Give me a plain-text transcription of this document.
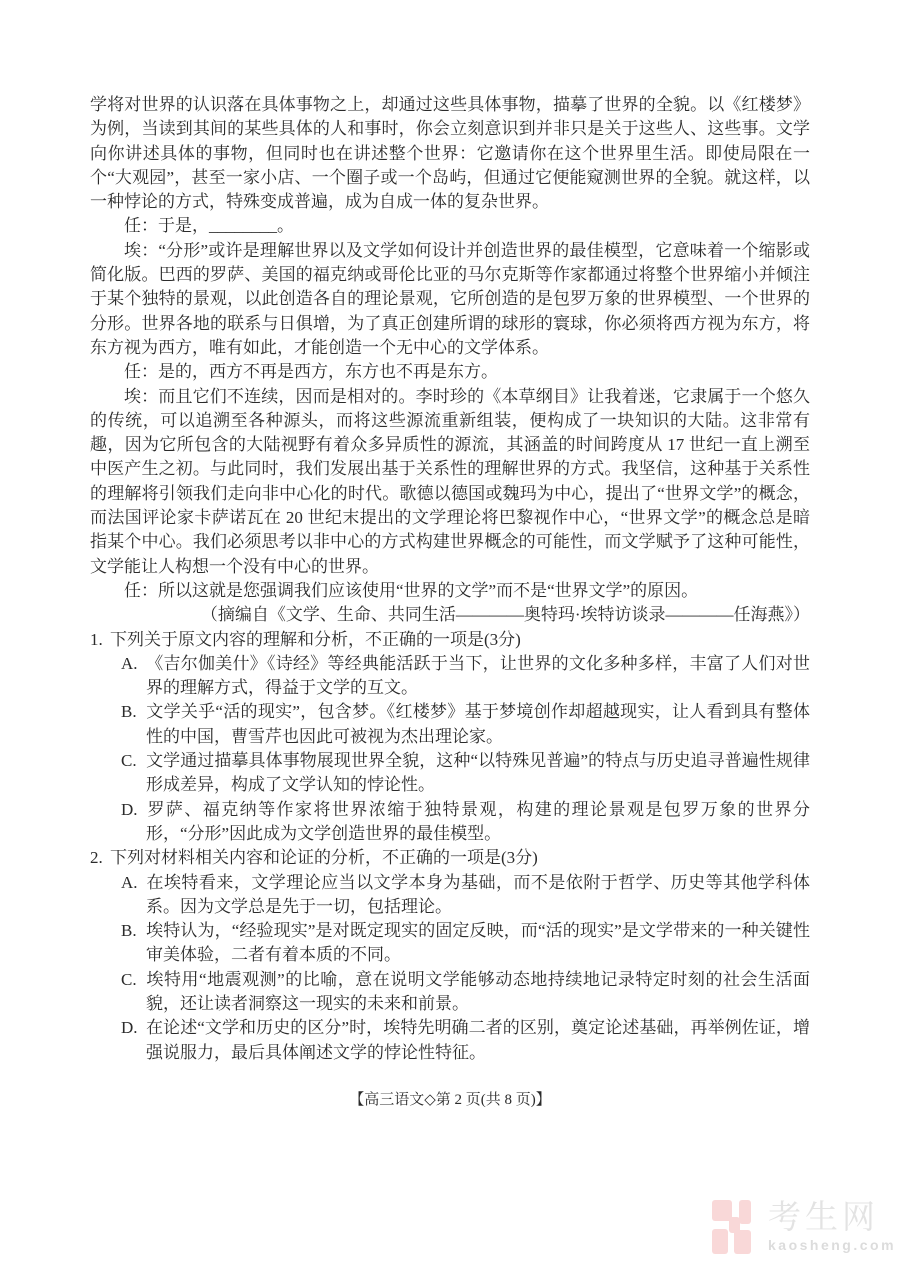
学将对世界的认识落在具体事物之上，却通过这些具体事物，描摹了世界的全貌。以《红楼梦》为例，当读到其间的某些具体的人和事时，你会立刻意识到并非只是关于这些人、这些事。文学向你讲述具体的事物，但同时也在讲述整个世界：它邀请你在这个世界里生活。即使局限在一个“大观园”，甚至一家小店、一个圈子或一个岛屿，但通过它便能窥测世界的全貌。就这样，以一种悖论的方式，特殊变成普遍，成为自成一体的复杂世界。

任：于是，________。

埃：“分形”或许是理解世界以及文学如何设计并创造世界的最佳模型，它意味着一个缩影或简化版。巴西的罗萨、美国的福克纳或哥伦比亚的马尔克斯等作家都通过将整个世界缩小并倾注于某个独特的景观，以此创造各自的理论景观，它所创造的是包罗万象的世界模型、一个世界的分形。世界各地的联系与日俱增，为了真正创建所谓的球形的寰球，你必须将西方视为东方，将东方视为西方，唯有如此，才能创造一个无中心的文学体系。

任：是的，西方不再是西方，东方也不再是东方。

埃：而且它们不连续，因而是相对的。李时珍的《本草纲目》让我着迷，它隶属于一个悠久的传统，可以追溯至各种源头，而将这些源流重新组装，便构成了一块知识的大陆。这非常有趣，因为它所包含的大陆视野有着众多异质性的源流，其涵盖的时间跨度从 17 世纪一直上溯至中医产生之初。与此同时，我们发展出基于关系性的理解世界的方式。我坚信，这种基于关系性的理解将引领我们走向非中心化的时代。歌德以德国或魏玛为中心，提出了“世界文学”的概念，而法国评论家卡萨诺瓦在 20 世纪末提出的文学理论将巴黎视作中心，“世界文学”的概念总是暗指某个中心。我们必须思考以非中心的方式构建世界概念的可能性，而文学赋予了这种可能性，文学能让人构想一个没有中心的世界。

任：所以这就是您强调我们应该使用“世界的文学”而不是“世界文学”的原因。

（摘编自《文学、生命、共同生活————奥特玛·埃特访谈录————任海燕》）

1. 下列关于原文内容的理解和分析，不正确的一项是(3分)
A. 《吉尔伽美什》《诗经》等经典能活跃于当下，让世界的文化多种多样，丰富了人们对世界的理解方式，得益于文学的互文。
B. 文学关乎“活的现实”，包含梦。《红楼梦》基于梦境创作却超越现实，让人看到具有整体性的中国，曹雪芹也因此可被视为杰出理论家。
C. 文学通过描摹具体事物展现世界全貌，这种“以特殊见普遍”的特点与历史追寻普遍性规律形成差异，构成了文学认知的悖论性。
D. 罗萨、福克纳等作家将世界浓缩于独特景观，构建的理论景观是包罗万象的世界分形，“分形”因此成为文学创造世界的最佳模型。
2. 下列对材料相关内容和论证的分析，不正确的一项是(3分)
A. 在埃特看来，文学理论应当以文学本身为基础，而不是依附于哲学、历史等其他学科体系。因为文学总是先于一切，包括理论。
B. 埃特认为，“经验现实”是对既定现实的固定反映，而“活的现实”是文学带来的一种关键性审美体验，二者有着本质的不同。
C. 埃特用“地震观测”的比喻，意在说明文学能够动态地持续地记录特定时刻的社会生活面貌，还让读者洞察这一现实的未来和前景。
D. 在论述“文学和历史的区分”时，埃特先明确二者的区别，奠定论述基础，再举例佐证，增强说服力，最后具体阐述文学的悖论性特征。
【高三语文◇第 2 页(共 8 页)】
考生网
kaosheng.com
